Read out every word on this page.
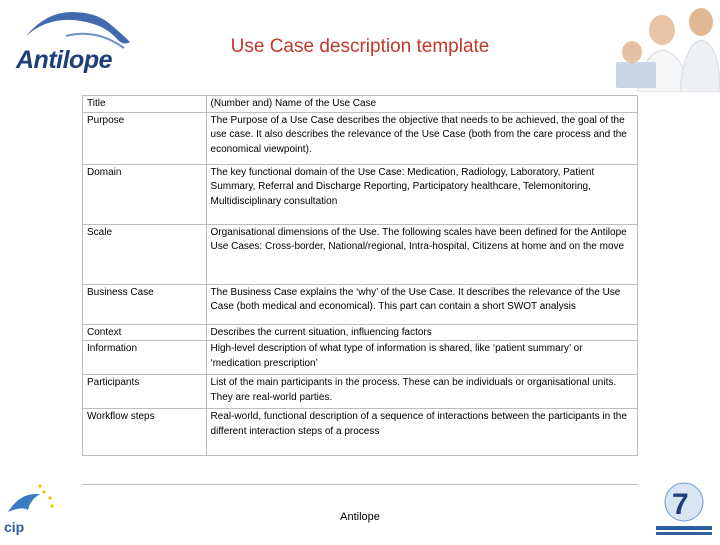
Antilope	Use Case description template
Title	(Number and) Name of the Use Case
Purpose	The Purpose of a Use Case describes the objective that needs to be achieved, the goal of the use case. It also describes the relevance of the Use Case (both from the care process and the economical viewpoint).
Domain	The key functional domain of the Use Case: Medication, Radiology, Laboratory, Patient Summary, Referral and Discharge Reporting, Participatory healthcare, Telemonitoring, Multidisciplinary consultation
Scale	Organisational dimensions of the Use. The following scales have been defined for the Antilope Use Cases: Cross-border, National/regional, Intra-hospital, Citizens at home and on the move
Business Case	The Business Case explains the ‘why’ of the Use Case. It describes the relevance of the Use Case (both medical and economical). This part can contain a short SWOT analysis
Context	Describes the current situation, influencing factors
Information	High-level description of what type of information is shared, like ‘patient summary’ or ‘medication prescription’
Participants	List of the main participants in the process. These can be individuals or organisational units. They are real-world parties.
Workflow steps	Real-world, functional description of a sequence of interactions between the participants in the different interaction steps of a process
cip
Antilope	7
